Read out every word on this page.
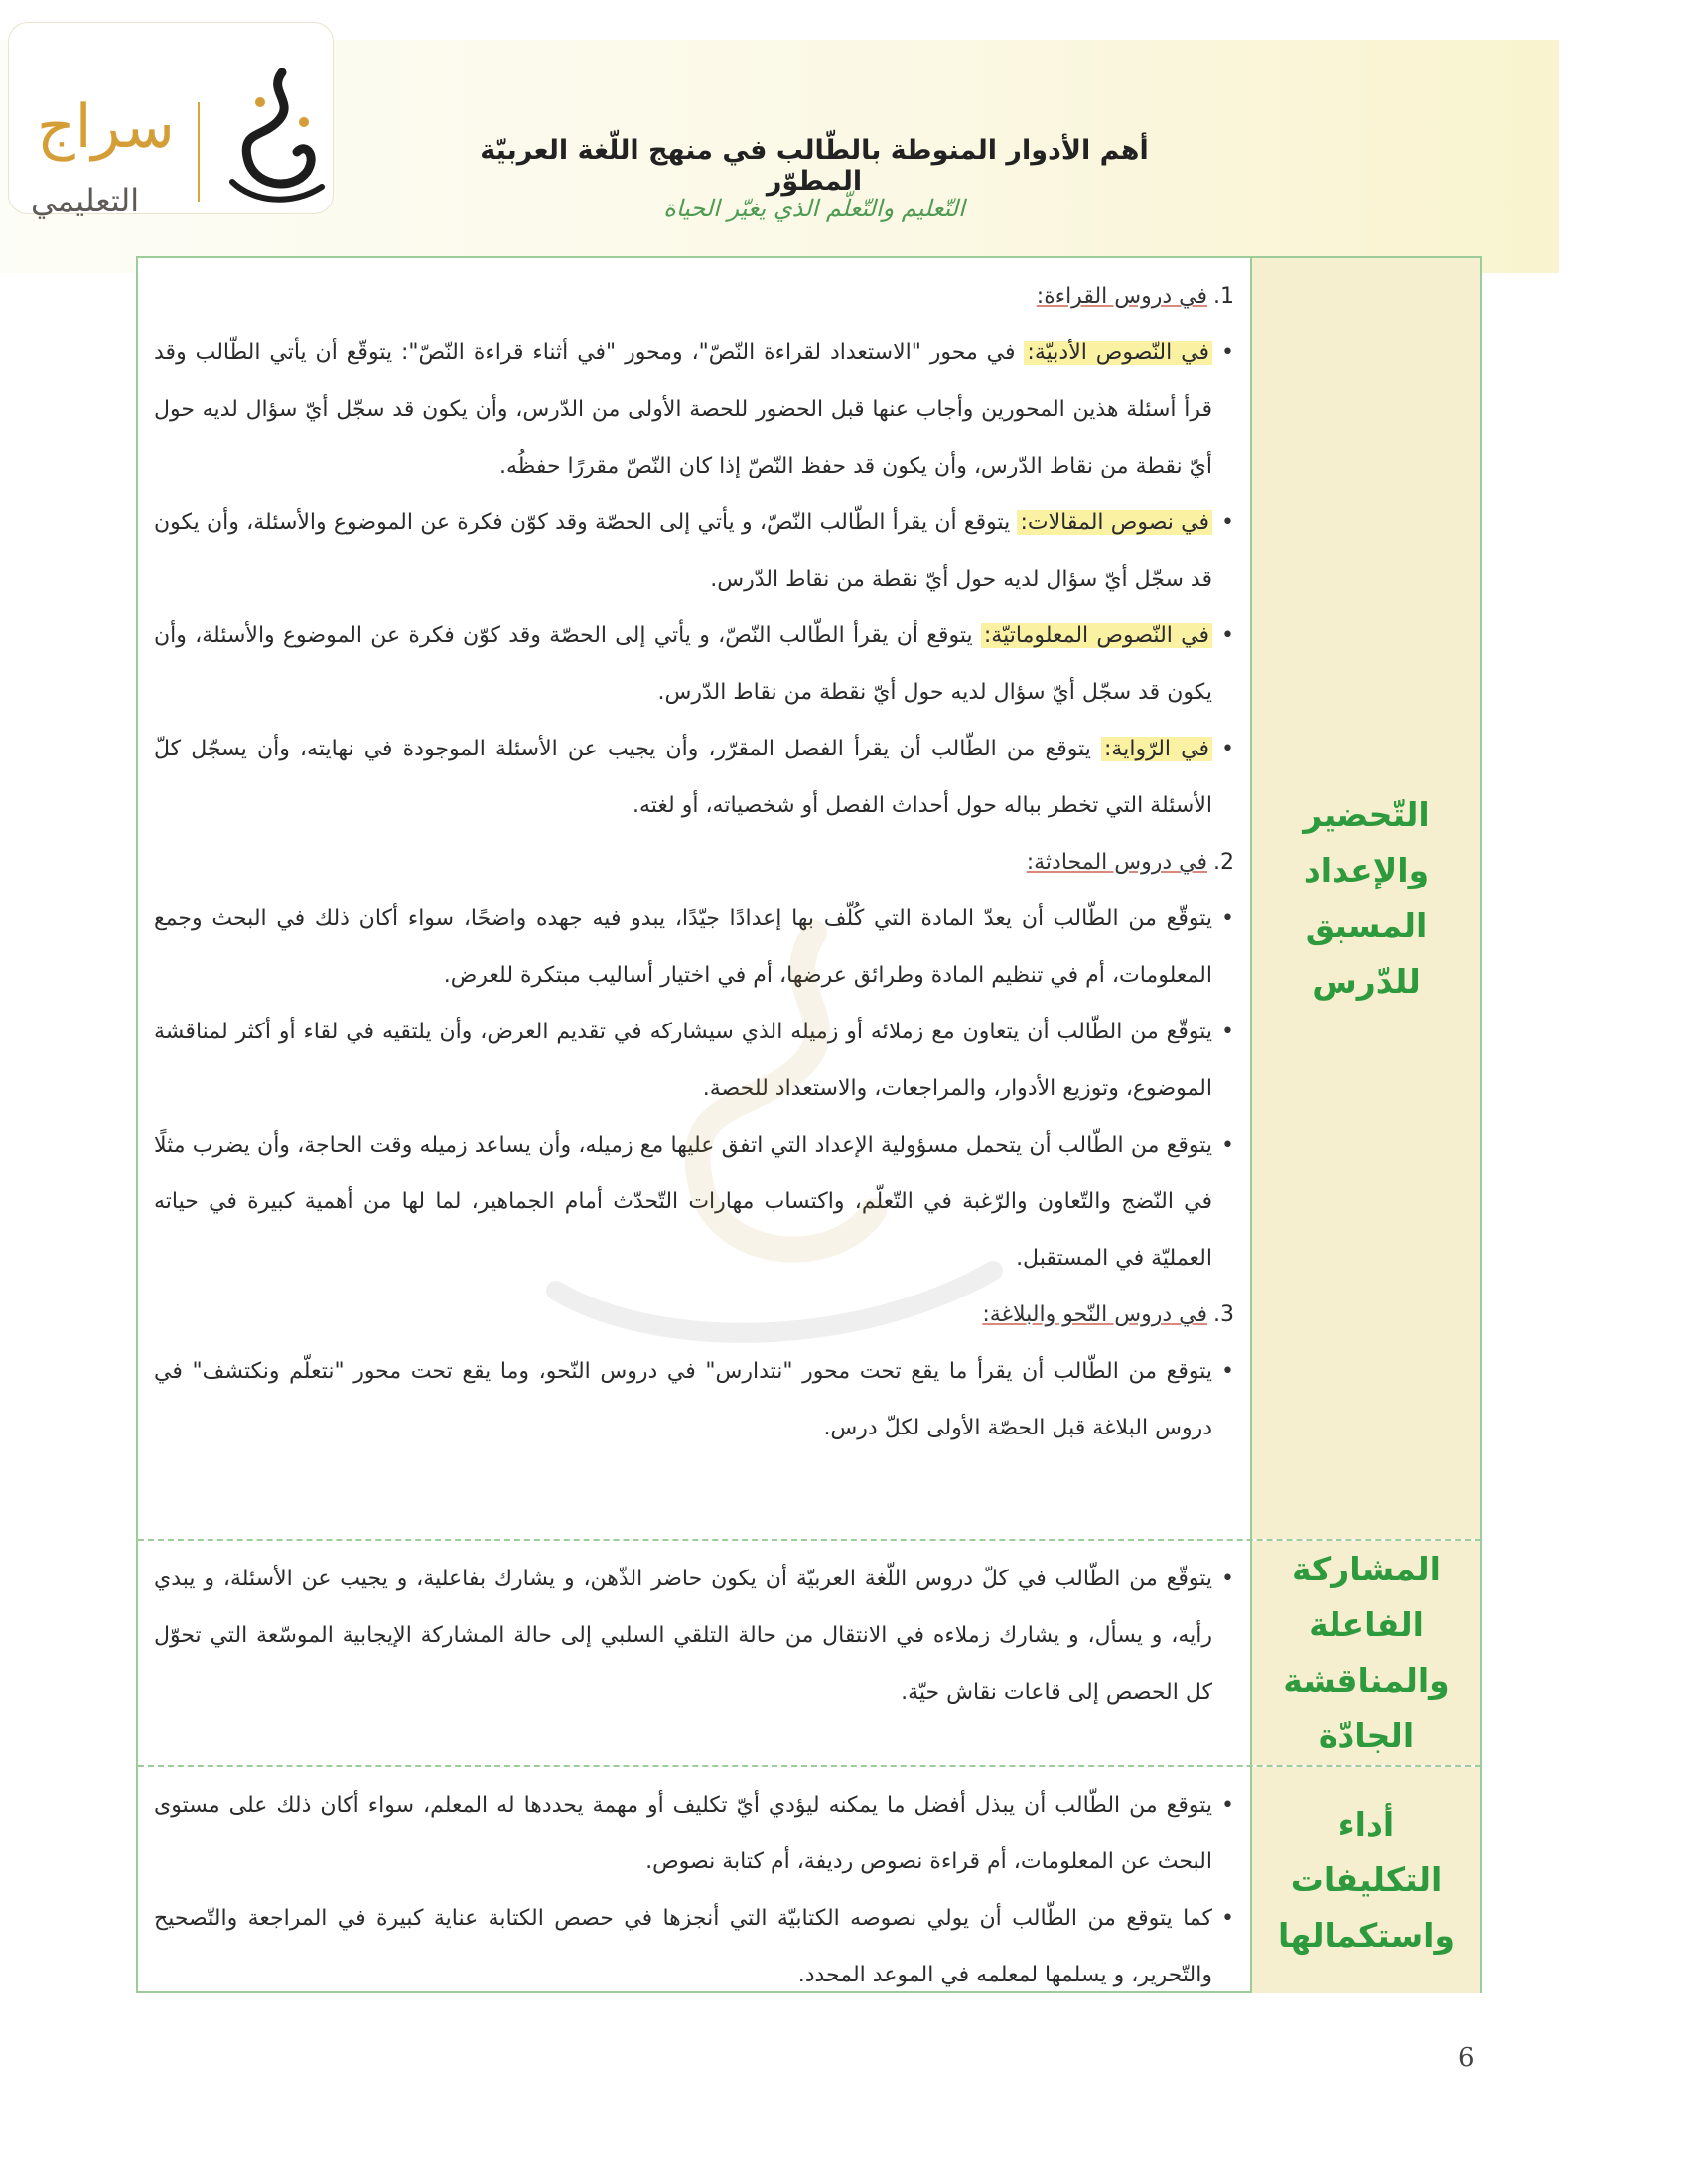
سراج
التعليمي
أهم الأدوار المنوطة بالطّالب في منهج اللّغة العربيّة المطوّر
التّعليم والتّعلّم الذي يغيّر الحياة
التّحضير
والإعداد
المسبق
للدّرس

1.في دروس القراءة:

• في النّصوص الأدبيّة: في محور "الاستعداد لقراءة النّصّ"، ومحور "في أثناء قراءة النّصّ": يتوقّع أن يأتي الطّالب وقد قرأ أسئلة هذين المحورين وأجاب عنها قبل الحضور للحصة الأولى من الدّرس، وأن يكون قد سجّل أيّ سؤال لديه حول أيّ نقطة من نقاط الدّرس، وأن يكون قد حفظ النّصّ إذا كان النّصّ مقررًا حفظُه.

• في نصوص المقالات: يتوقع أن يقرأ الطّالب النّصّ، و يأتي إلى الحصّة وقد كوّن فكرة عن الموضوع والأسئلة، وأن يكون قد سجّل أيّ سؤال لديه حول أيّ نقطة من نقاط الدّرس.

• في النّصوص المعلوماتيّة: يتوقع أن يقرأ الطّالب النّصّ، و يأتي إلى الحصّة وقد كوّن فكرة عن الموضوع والأسئلة، وأن يكون قد سجّل أيّ سؤال لديه حول أيّ نقطة من نقاط الدّرس.

• في الرّواية: يتوقع من الطّالب أن يقرأ الفصل المقرّر، وأن يجيب عن الأسئلة الموجودة في نهايته، وأن يسجّل كلّ الأسئلة التي تخطر بباله حول أحداث الفصل أو شخصياته، أو لغته.

2.في دروس المحادثة:

• يتوقّع من الطّالب أن يعدّ المادة التي كُلّف بها إعدادًا جيّدًا، يبدو فيه جهده واضحًا، سواء أكان ذلك في البحث وجمع المعلومات، أم في تنظيم المادة وطرائق عرضها، أم في اختيار أساليب مبتكرة للعرض.

• يتوقّع من الطّالب أن يتعاون مع زملائه أو زميله الذي سيشاركه في تقديم العرض، وأن يلتقيه في لقاء أو أكثر لمناقشة الموضوع، وتوزيع الأدوار، والمراجعات، والاستعداد للحصة.

• يتوقع من الطّالب أن يتحمل مسؤولية الإعداد التي اتفق عليها مع زميله، وأن يساعد زميله وقت الحاجة، وأن يضرب مثلًا في النّضج والتّعاون والرّغبة في التّعلّم، واكتساب مهارات التّحدّث أمام الجماهير، لما لها من أهمية كبيرة في حياته العمليّة في المستقبل.

3.في دروس النّحو والبلاغة:

• يتوقع من الطّالب أن يقرأ ما يقع تحت محور "نتدارس" في دروس النّحو، وما يقع تحت محور "نتعلّم ونكتشف" في دروس البلاغة قبل الحصّة الأولى لكلّ درس.

المشاركة
الفاعلة
والمناقشة
الجادّة

• يتوقّع من الطّالب في كلّ دروس اللّغة العربيّة أن يكون حاضر الذّهن، و يشارك بفاعلية، و يجيب عن الأسئلة، و يبدي رأيه، و يسأل، و يشارك زملاءه في الانتقال من حالة التلقي السلبي إلى حالة المشاركة الإيجابية الموسّعة التي تحوّل كل الحصص إلى قاعات نقاش حيّة.

أداء
التكليفات
واستكمالها

• يتوقع من الطّالب أن يبذل أفضل ما يمكنه ليؤدي أيّ تكليف أو مهمة يحددها له المعلم، سواء أكان ذلك على مستوى البحث عن المعلومات، أم قراءة نصوص رديفة، أم كتابة نصوص.

• كما يتوقع من الطّالب أن يولي نصوصه الكتابيّة التي أنجزها في حصص الكتابة عناية كبيرة في المراجعة والتّصحيح والتّحرير، و يسلمها لمعلمه في الموعد المحدد.

6
